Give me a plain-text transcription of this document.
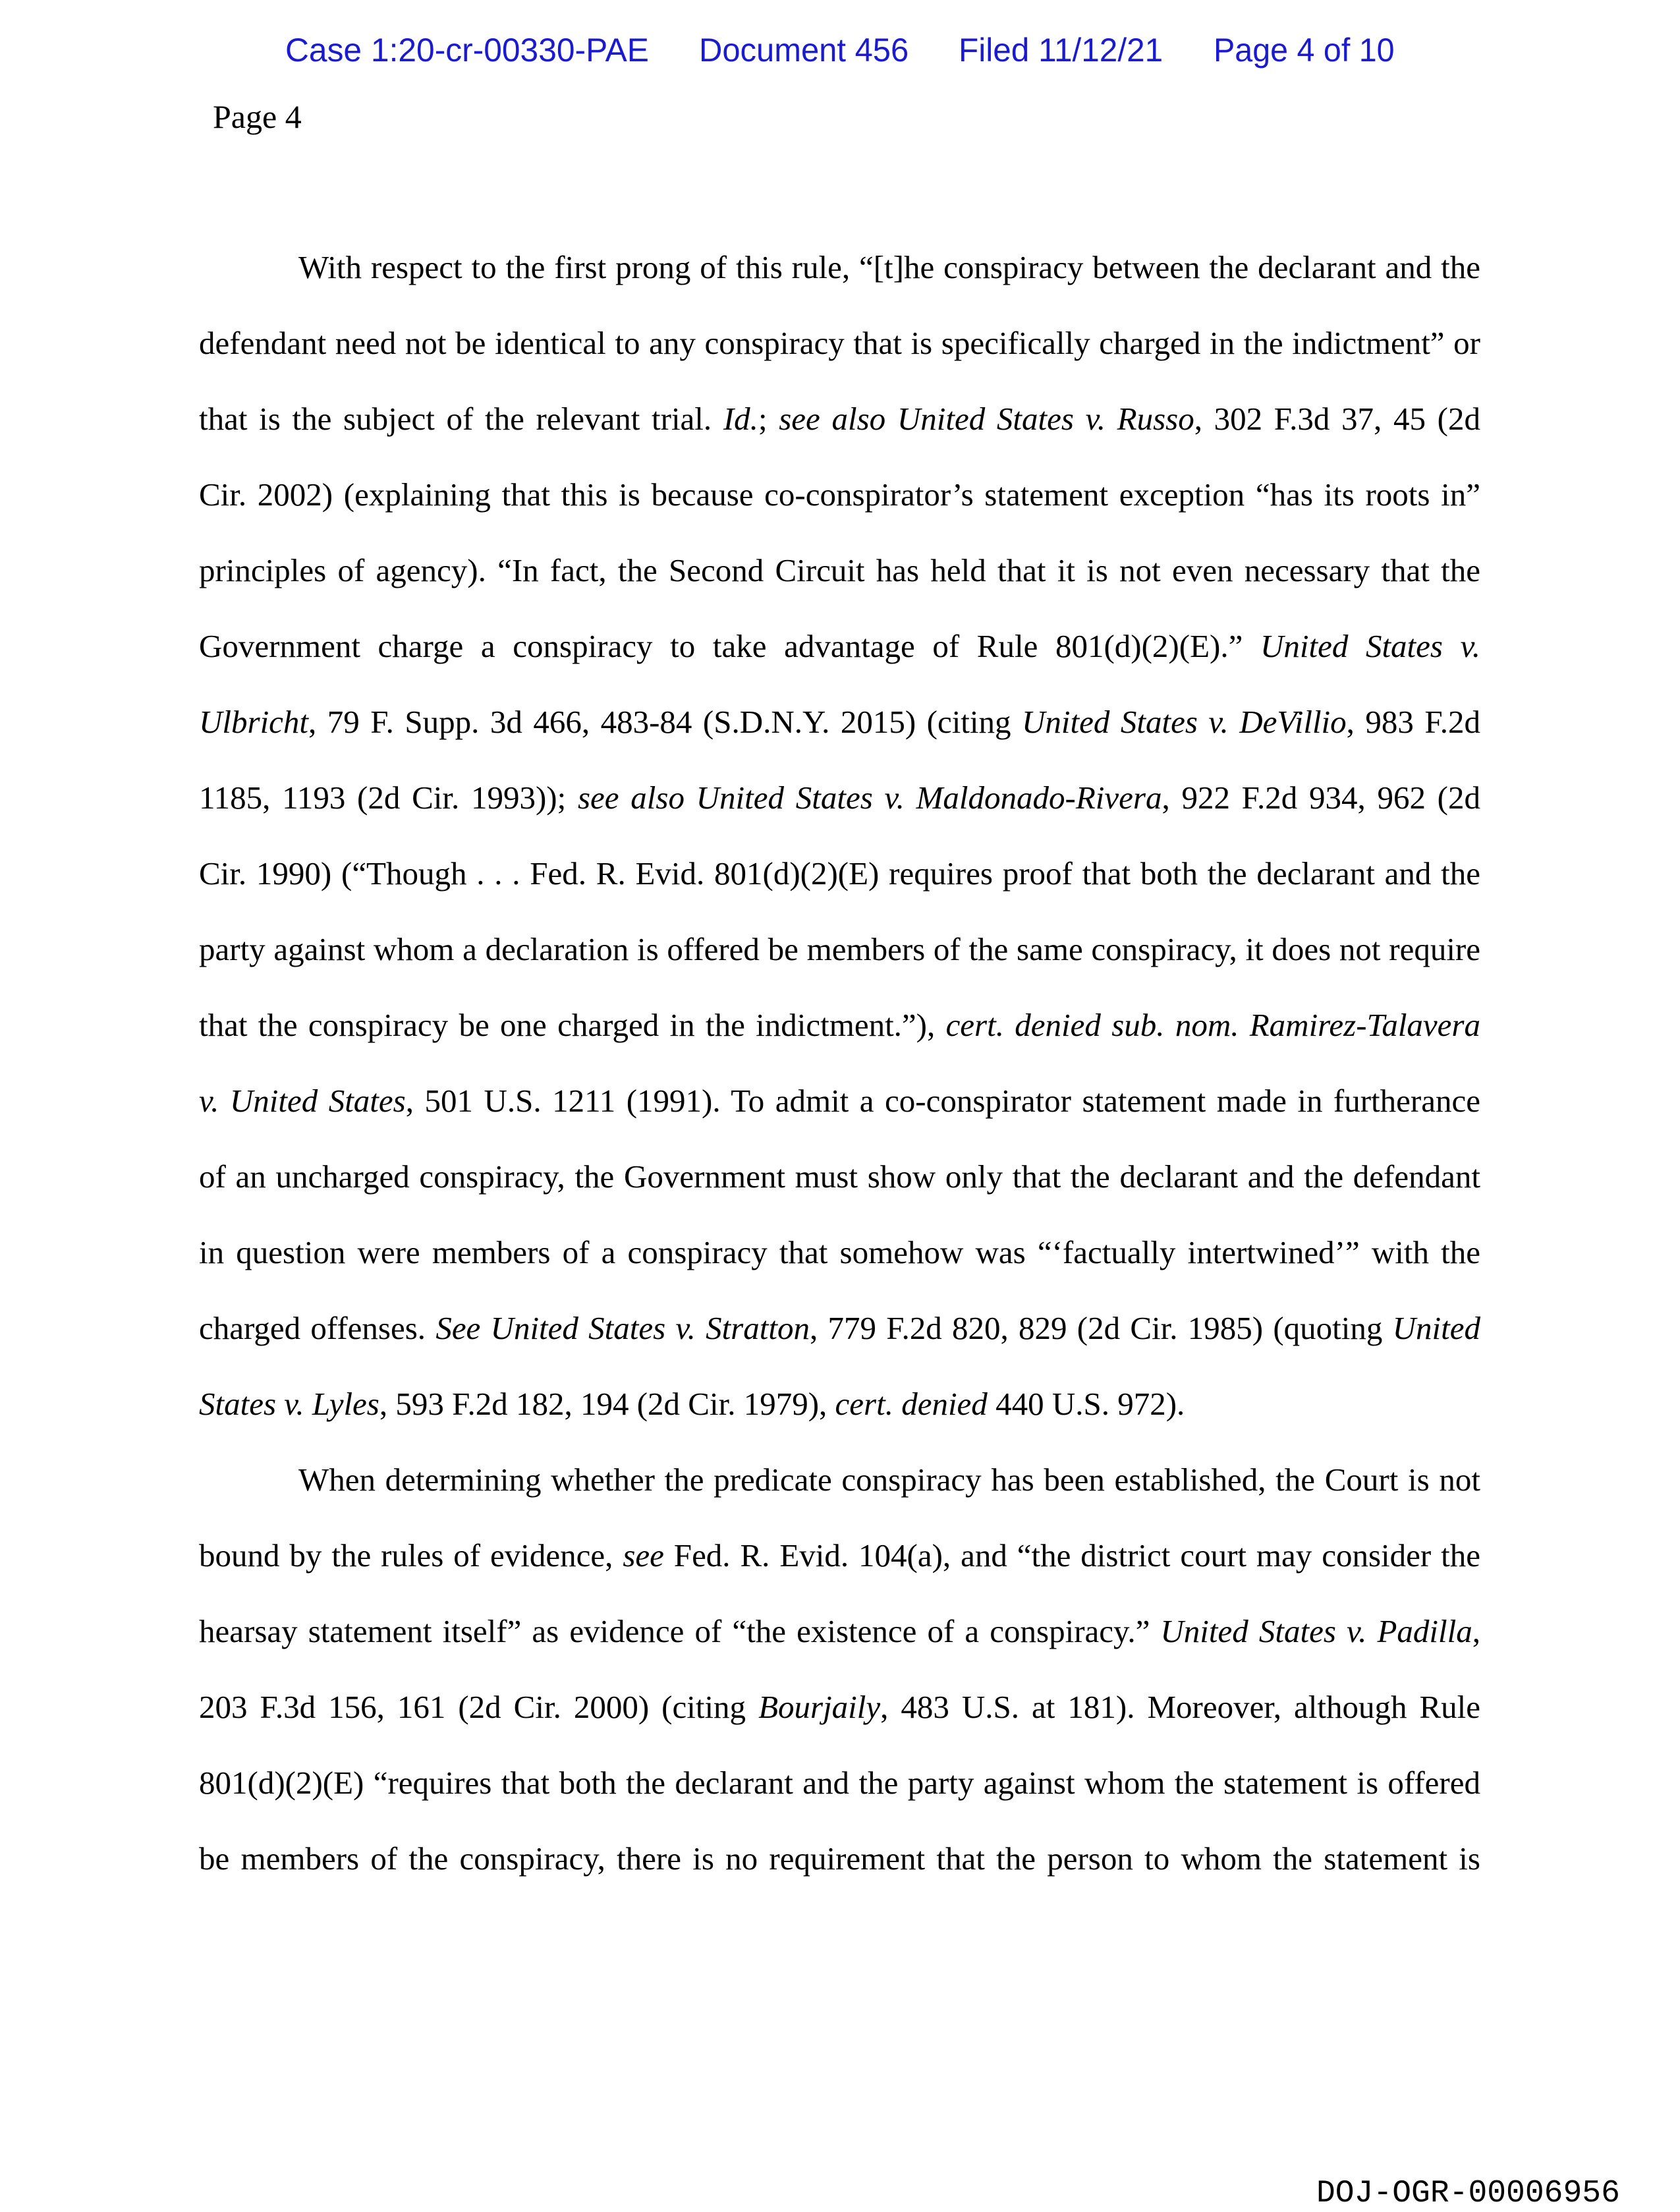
Case 1:20-cr-00330-PAE Document 456 Filed 11/12/21 Page 4 of 10
Page 4
With respect to the first prong of this rule, “[t]he conspiracy between the declarant and the
defendant need not be identical to any conspiracy that is specifically charged in the indictment” or
that is the subject of the relevant trial. Id.; see also United States v. Russo, 302 F.3d 37, 45 (2d
Cir. 2002) (explaining that this is because co-conspirator’s statement exception “has its roots in”
principles of agency). “In fact, the Second Circuit has held that it is not even necessary that the
Government charge a conspiracy to take advantage of Rule 801(d)(2)(E).” United States v.
Ulbricht, 79 F. Supp. 3d 466, 483-84 (S.D.N.Y. 2015) (citing United States v. DeVillio, 983 F.2d
1185, 1193 (2d Cir. 1993)); see also United States v. Maldonado-Rivera, 922 F.2d 934, 962 (2d
Cir. 1990) (“Though . . . Fed. R. Evid. 801(d)(2)(E) requires proof that both the declarant and the
party against whom a declaration is offered be members of the same conspiracy, it does not require
that the conspiracy be one charged in the indictment.”), cert. denied sub. nom. Ramirez-Talavera
v. United States, 501 U.S. 1211 (1991). To admit a co-conspirator statement made in furtherance
of an uncharged conspiracy, the Government must show only that the declarant and the defendant
in question were members of a conspiracy that somehow was “‘factually intertwined’” with the
charged offenses. See United States v. Stratton, 779 F.2d 820, 829 (2d Cir. 1985) (quoting United
States v. Lyles, 593 F.2d 182, 194 (2d Cir. 1979), cert. denied 440 U.S. 972).
When determining whether the predicate conspiracy has been established, the Court is not
bound by the rules of evidence, see Fed. R. Evid. 104(a), and “the district court may consider the
hearsay statement itself” as evidence of “the existence of a conspiracy.” United States v. Padilla,
203 F.3d 156, 161 (2d Cir. 2000) (citing Bourjaily, 483 U.S. at 181). Moreover, although Rule
801(d)(2)(E) “requires that both the declarant and the party against whom the statement is offered
be members of the conspiracy, there is no requirement that the person to whom the statement is
DOJ-OGR-00006956
